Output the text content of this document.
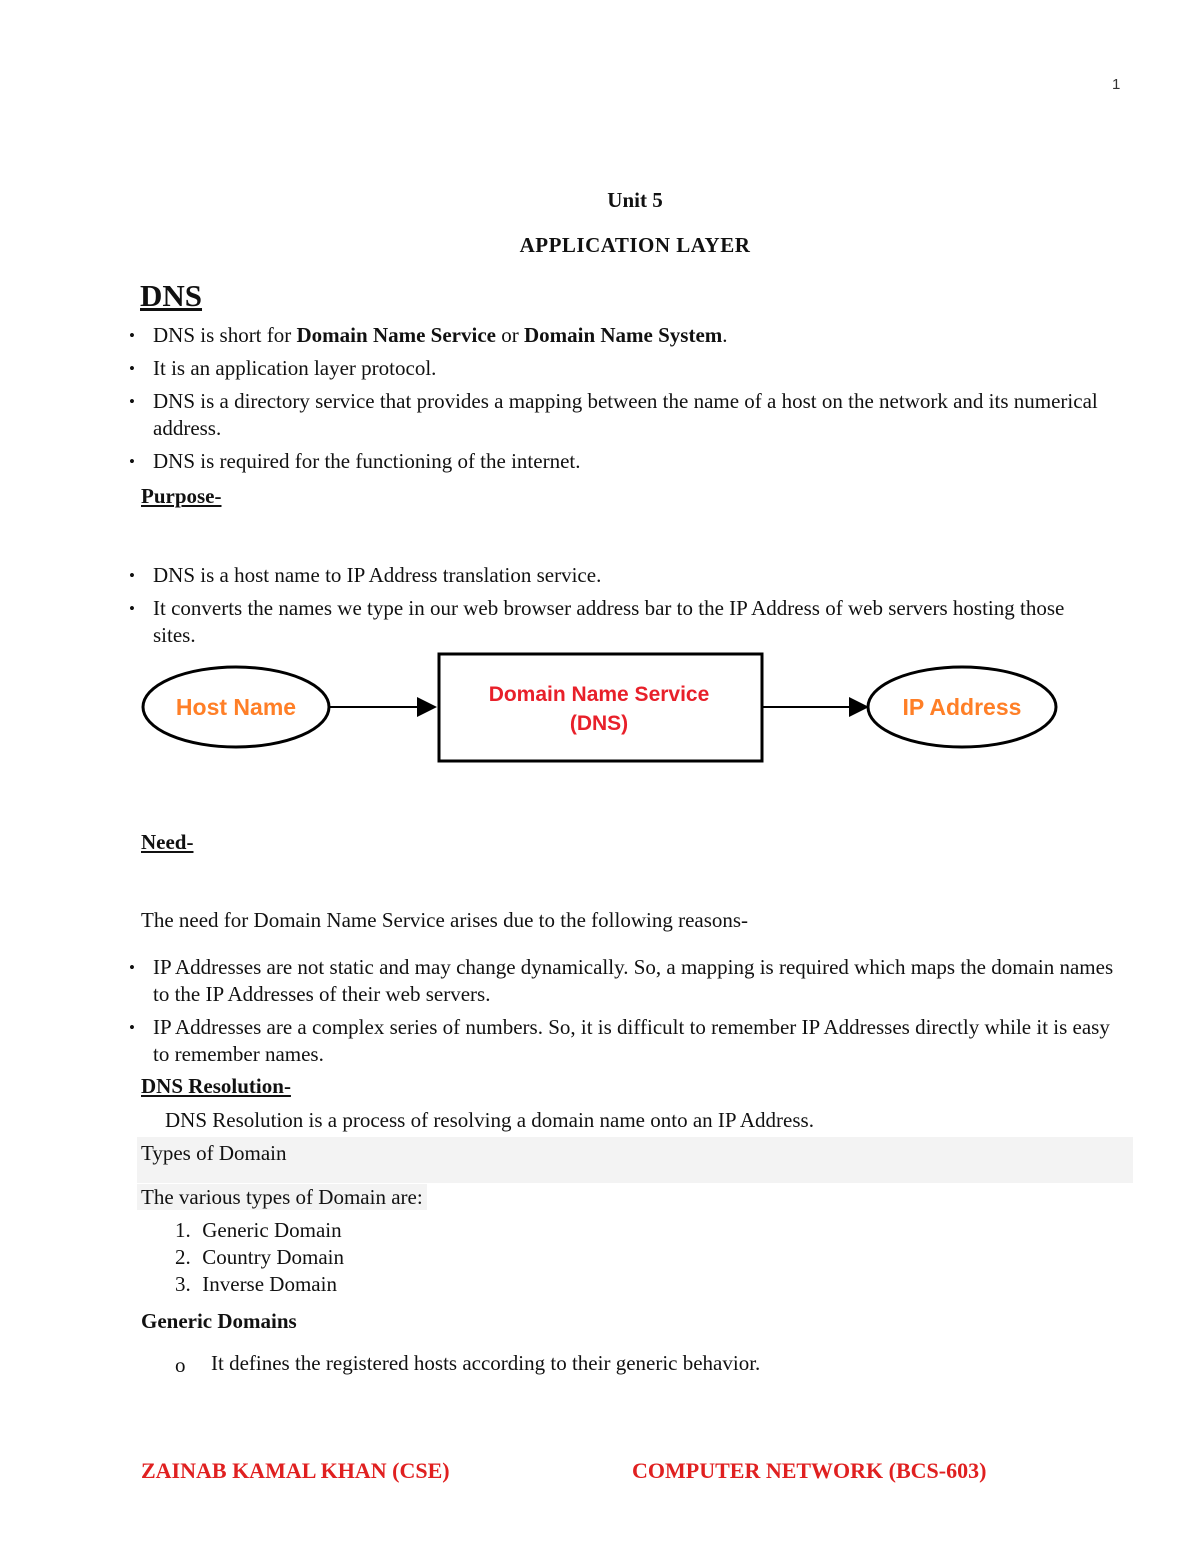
1
Unit 5
APPLICATION LAYER
DNS
• DNS is short for Domain Name Service or Domain Name System.
• It is an application layer protocol.
• DNS is a directory service that provides a mapping between the name of a host on the network and its numerical address.
• DNS is required for the functioning of the internet.
Purpose-
• DNS is a host name to IP Address translation service.
• It converts the names we type in our web browser address bar to the IP Address of web servers hosting those sites.
Host Name	Domain Name Service
(DNS)
IP Address
Need-
The need for Domain Name Service arises due to the following reasons-
• IP Addresses are not static and may change dynamically. So, a mapping is required which maps the domain names to the IP Addresses of their web servers.
• IP Addresses are a complex series of numbers. So, it is difficult to remember IP Addresses directly while it is easy to remember names.
DNS Resolution-
DNS Resolution is a process of resolving a domain name onto an IP Address.
Types of Domain
The various types of Domain are:
1. Generic Domain
2. Country Domain
3. Inverse Domain
Generic Domains
o It defines the registered hosts according to their generic behavior.
ZAINAB KAMAL KHAN (CSE)	COMPUTER NETWORK (BCS-603)
